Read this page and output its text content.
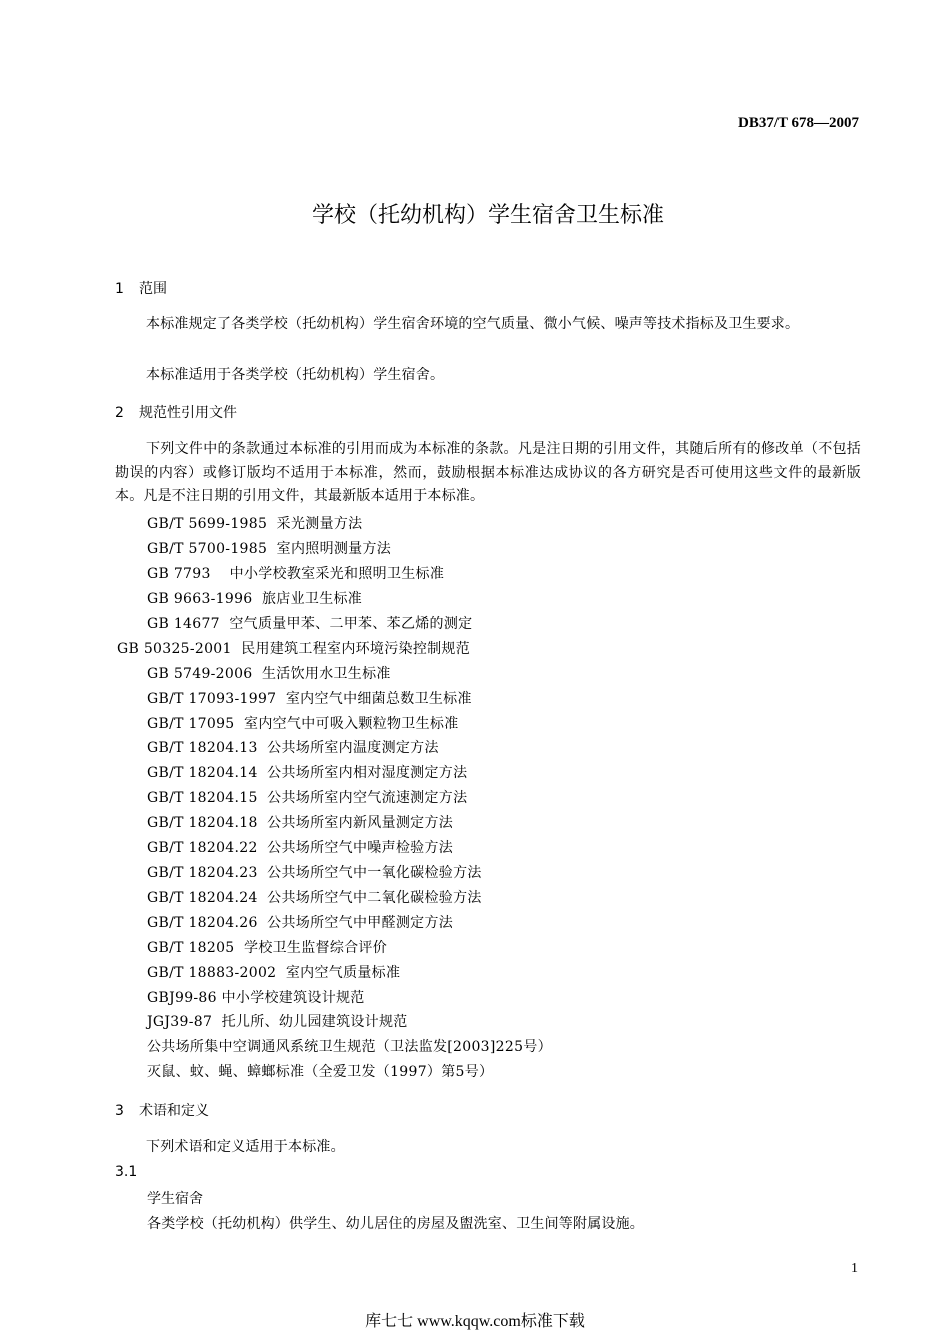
DB37/T 678—2007
学校（托幼机构）学生宿舍卫生标准
1 范围
本标准规定了各类学校（托幼机构）学生宿舍环境的空气质量、微小气候、噪声等技术指标及卫生要求。
本标准适用于各类学校（托幼机构）学生宿舍。
2 规范性引用文件
下列文件中的条款通过本标准的引用而成为本标准的条款。凡是注日期的引用文件，其随后所有的修改单（不包括勘误的内容）或修订版均不适用于本标准，然而，鼓励根据本标准达成协议的各方研究是否可使用这些文件的最新版本。凡是不注日期的引用文件，其最新版本适用于本标准。
GB/T 5699-1985  采光测量方法
GB/T 5700-1985  室内照明测量方法
GB 7793    中小学校教室采光和照明卫生标准
GB 9663-1996  旅店业卫生标准
GB 14677  空气质量甲苯、二甲苯、苯乙烯的测定
GB 50325-2001  民用建筑工程室内环境污染控制规范
GB 5749-2006  生活饮用水卫生标准
GB/T 17093-1997  室内空气中细菌总数卫生标准
GB/T 17095  室内空气中可吸入颗粒物卫生标准
GB/T 18204.13  公共场所室内温度测定方法
GB/T 18204.14  公共场所室内相对湿度测定方法
GB/T 18204.15  公共场所室内空气流速测定方法
GB/T 18204.18  公共场所室内新风量测定方法
GB/T 18204.22  公共场所空气中噪声检验方法
GB/T 18204.23  公共场所空气中一氧化碳检验方法
GB/T 18204.24  公共场所空气中二氧化碳检验方法
GB/T 18204.26  公共场所空气中甲醛测定方法
GB/T 18205  学校卫生监督综合评价
GB/T 18883-2002  室内空气质量标准
GBJ99-86 中小学校建筑设计规范
JGJ39-87  托儿所、幼儿园建筑设计规范
公共场所集中空调通风系统卫生规范（卫法监发[2003]225号）
灭鼠、蚊、蝇、蟑螂标准（全爱卫发（1997）第5号）
3 术语和定义
下列术语和定义适用于本标准。
3.1
学生宿舍
各类学校（托幼机构）供学生、幼儿居住的房屋及盥洗室、卫生间等附属设施。
1
库七七 www.kqqw.com标准下载
